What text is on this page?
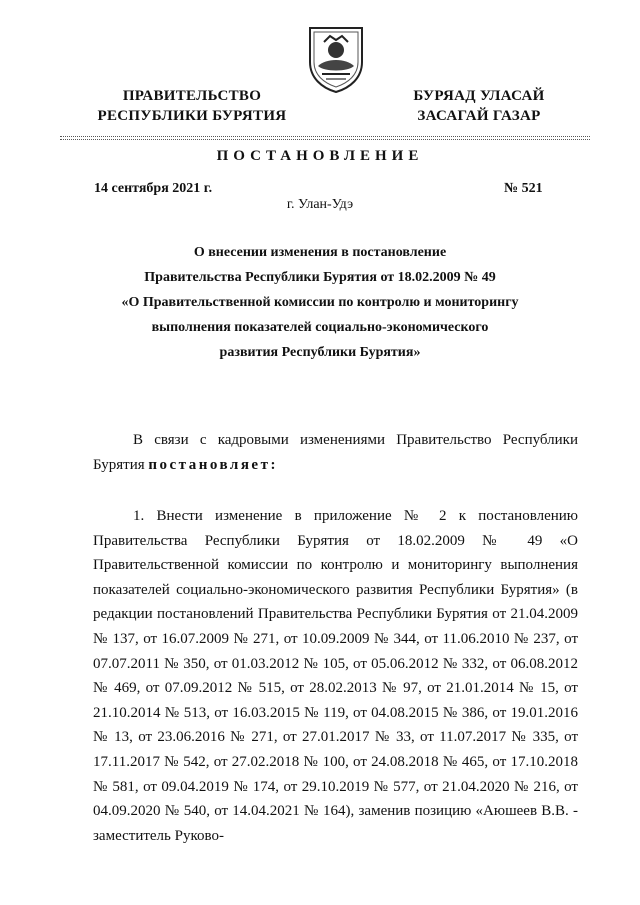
ПРАВИТЕЛЬСТВО
РЕСПУБЛИКИ БУРЯТИЯ
БУРЯАД УЛАСАЙ
ЗАСАГАЙ ГАЗАР
ПОСТАНОВЛЕНИЕ
14 сентября 2021 г.	№ 521
г. Улан-Удэ
О внесении изменения в постановление
Правительства Республики Бурятия от 18.02.2009 № 49
«О Правительственной комиссии по контролю и мониторингу
выполнения показателей социально-экономического
развития Республики Бурятия»

В связи с кадровыми изменениями Правительство Республики Бурятия постановляет:

1. Внести изменение в приложение № 2 к постановлению Правительства Республики Бурятия от 18.02.2009 № 49 «О Правительственной комиссии по контролю и мониторингу выполнения показателей социально-экономического развития Республики Бурятия» (в редакции постановлений Правительства Республики Бурятия от 21.04.2009 № 137, от 16.07.2009 № 271, от 10.09.2009 № 344, от 11.06.2010 № 237, от 07.07.2011 № 350, от 01.03.2012 № 105, от 05.06.2012 № 332, от 06.08.2012 № 469, от 07.09.2012 № 515, от 28.02.2013 № 97, от 21.01.2014 № 15, от 21.10.2014 № 513, от 16.03.2015 № 119, от 04.08.2015 № 386, от 19.01.2016 № 13, от 23.06.2016 № 271, от 27.01.2017 № 33, от 11.07.2017 № 335, от 17.11.2017 № 542, от 27.02.2018 № 100, от 24.08.2018 № 465, от 17.10.2018 № 581, от 09.04.2019 № 174, от 29.10.2019 № 577, от 21.04.2020 № 216, от 04.09.2020 № 540, от 14.04.2021 № 164), заменив позицию «Аюшеев В.В. - заместитель Руково-
